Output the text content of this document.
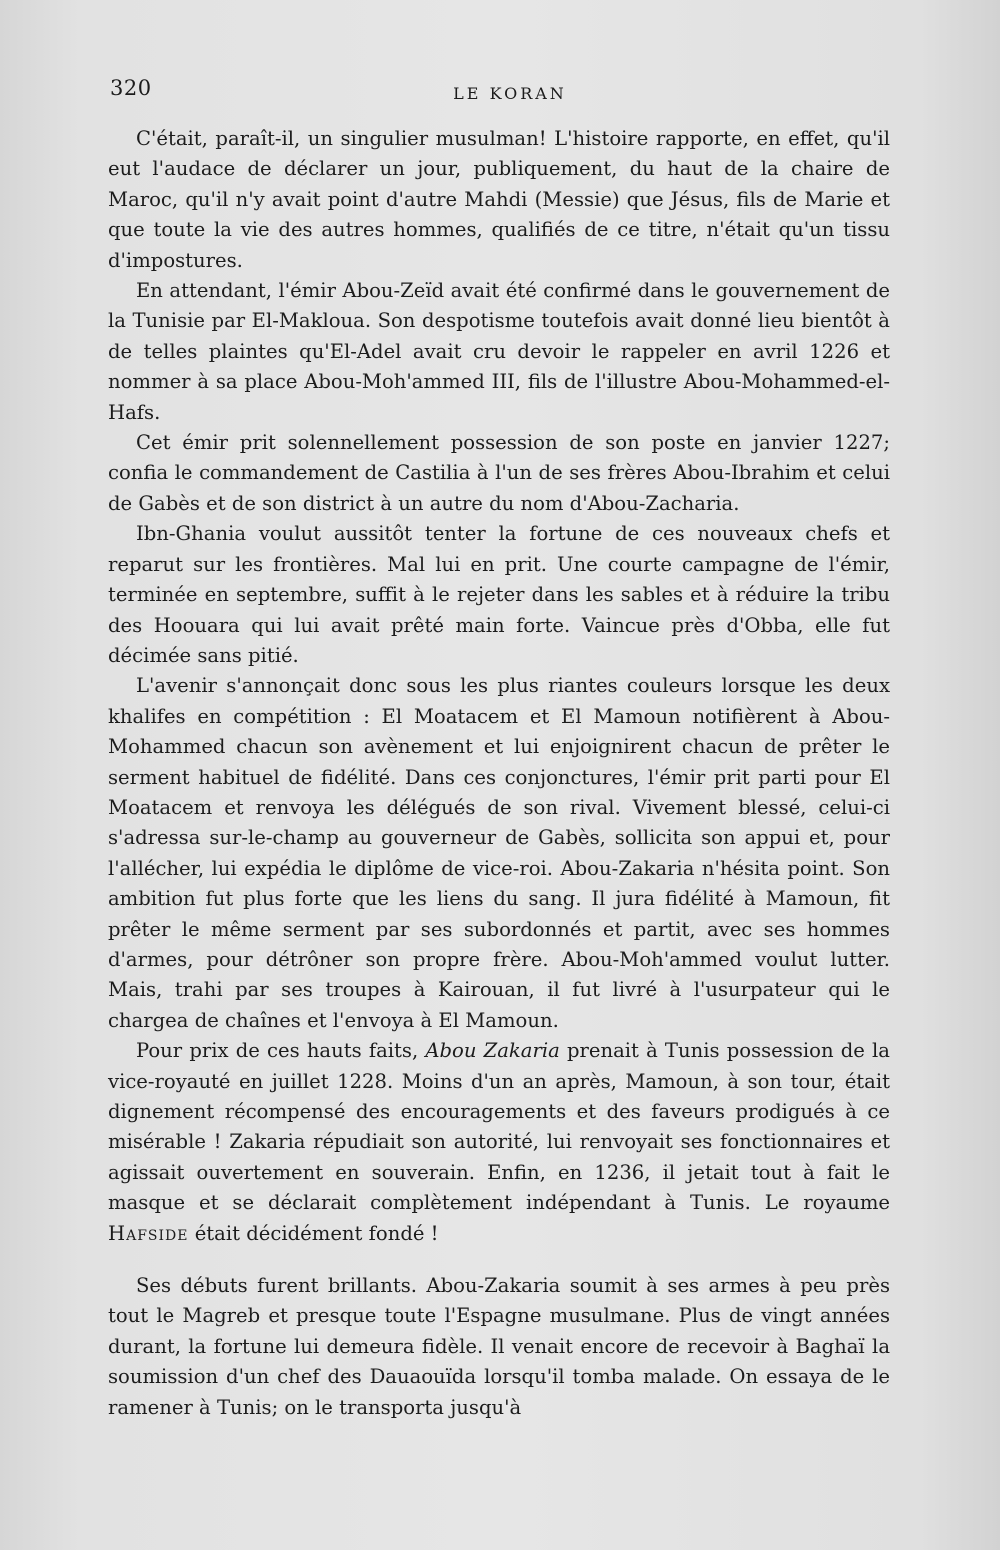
320	LE KORAN

C'était, paraît-il, un singulier musulman! L'histoire rapporte, en effet, qu'il eut l'audace de déclarer un jour, publiquement, du haut de la chaire de Maroc, qu'il n'y avait point d'autre Mahdi (Messie) que Jésus, fils de Marie et que toute la vie des autres hommes, qualifiés de ce titre, n'était qu'un tissu d'impostures.

En attendant, l'émir Abou-Zeïd avait été confirmé dans le gouvernement de la Tunisie par El-Makloua. Son despotisme toutefois avait donné lieu bientôt à de telles plaintes qu'El-Adel avait cru devoir le rappeler en avril 1226 et nommer à sa place Abou-Moh'ammed III, fils de l'illustre Abou-Mohammed-el-Hafs.

Cet émir prit solennellement possession de son poste en janvier 1227; confia le commandement de Castilia à l'un de ses frères Abou-Ibrahim et celui de Gabès et de son district à un autre du nom d'Abou-Zacharia.

Ibn-Ghania voulut aussitôt tenter la fortune de ces nouveaux chefs et reparut sur les frontières. Mal lui en prit. Une courte campagne de l'émir, terminée en septembre, suffit à le rejeter dans les sables et à réduire la tribu des Hoouara qui lui avait prêté main forte. Vaincue près d'Obba, elle fut décimée sans pitié.

L'avenir s'annonçait donc sous les plus riantes couleurs lorsque les deux khalifes en compétition : El Moatacem et El Mamoun notifièrent à Abou-Mohammed chacun son avènement et lui enjoignirent chacun de prêter le serment habituel de fidélité. Dans ces conjonctures, l'émir prit parti pour El Moatacem et renvoya les délégués de son rival. Vivement blessé, celui-ci s'adressa sur-le-champ au gouverneur de Gabès, sollicita son appui et, pour l'allécher, lui expédia le diplôme de vice-roi. Abou-Zakaria n'hésita point. Son ambition fut plus forte que les liens du sang. Il jura fidélité à Mamoun, fit prêter le même serment par ses subordonnés et partit, avec ses hommes d'armes, pour détrôner son propre frère. Abou-Moh'ammed voulut lutter. Mais, trahi par ses troupes à Kairouan, il fut livré à l'usurpateur qui le chargea de chaînes et l'envoya à El Mamoun.

Pour prix de ces hauts faits, Abou Zakaria prenait à Tunis possession de la vice-royauté en juillet 1228. Moins d'un an après, Mamoun, à son tour, était dignement récompensé des encouragements et des faveurs prodigués à ce misérable ! Zakaria répudiait son autorité, lui renvoyait ses fonctionnaires et agissait ouvertement en souverain. Enfin, en 1236, il jetait tout à fait le masque et se déclarait complètement indépendant à Tunis. Le royaume Hafside était décidément fondé !

Ses débuts furent brillants. Abou-Zakaria soumit à ses armes à peu près tout le Magreb et presque toute l'Espagne musulmane. Plus de vingt années durant, la fortune lui demeura fidèle. Il venait encore de recevoir à Baghaï la soumission d'un chef des Dauaouïda lorsqu'il tomba malade. On essaya de le ramener à Tunis; on le transporta jusqu'à
